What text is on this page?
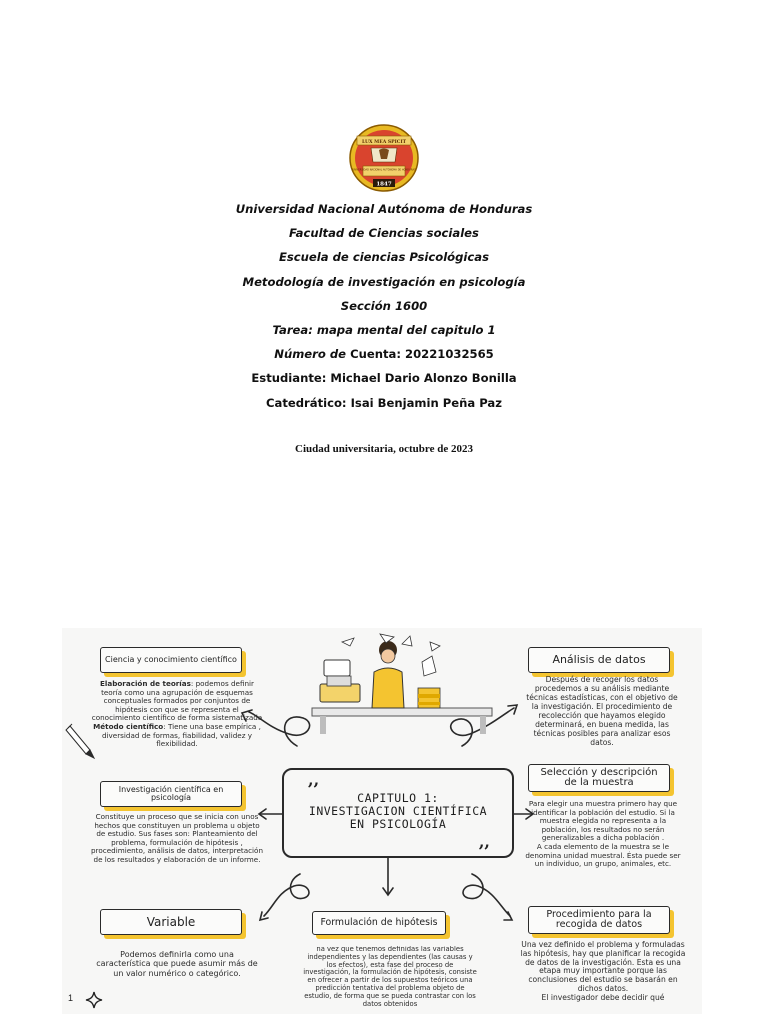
LUX MEA SPICIT
UNIVERSIDAD NACIONAL AUTÓNOMA DE HONDURAS
1847
Universidad Nacional Autónoma de Honduras
Facultad de Ciencias sociales
Escuela de ciencias Psicológicas
Metodología de investigación en psicología
Sección 1600
Tarea: mapa mental del capitulo 1
Número de Cuenta: 20221032565
Estudiante: Michael Dario Alonzo Bonilla
Catedrático: Isai Benjamin Peña Paz
Ciudad universitaria, octubre de 2023
,,
CAPITULO 1:
INVESTIGACION CIENTÍFICA
EN PSICOLOGÍA
,,
Ciencia y conocimiento científico
Elaboración de teorías: podemos definir teoría como una agrupación de esquemas conceptuales formados por conjuntos de hipótesis con que se representa el conocimiento científico de forma sistematizada Método científico: Tiene una base empírica , diversidad de formas, fiabilidad, validez y flexibilidad.
Investigación científica en psicología
Constituye un proceso que se inicia con unos hechos que constituyen un problema u objeto de estudio. Sus fases son: Planteamiento del problema, formulación de hipótesis , procedimiento, análisis de datos, interpretación de los resultados y elaboración de un informe.
Variable
Podemos definirla como una característica que puede asumir más de un valor numérico o categórico.
Formulación de hipótesis
na vez que tenemos definidas las variables independientes y las dependientes (las causas y los efectos), esta fase del proceso de investigación, la formulación de hipótesis, consiste en ofrecer a partir de los supuestos teóricos una predicción tentativa del problema objeto de estudio, de forma que se pueda contrastar con los datos obtenidos
Análisis de datos
Después de recoger los datos procedemos a su análisis mediante técnicas estadísticas, con el objetivo de la investigación. El procedimiento de recolección que hayamos elegido determinará, en buena medida, las técnicas posibles para analizar esos datos.
Selección y descripción de la muestra
Para elegir una muestra primero hay que identificar la población del estudio. Si la muestra elegida no representa a la población, los resultados no serán generalizables a dicha población .
A cada elemento de la muestra se le denomina unidad muestral. Ésta puede ser un individuo, un grupo, animales, etc.
Procedimiento para la recogida de datos
Una vez definido el problema y formuladas las hipótesis, hay que planificar la recogida de datos de la investigación. Esta es una etapa muy importante porque las conclusiones del estudio se basarán en dichos datos.
El investigador debe decidir qué
1
